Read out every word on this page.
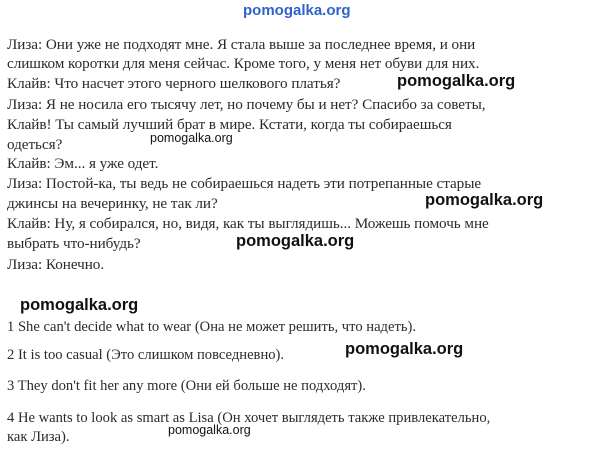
pomogalka.org
Лиза: Они уже не подходят мне. Я стала выше за последнее время, и они
слишком коротки для меня сейчас. Кроме того, у меня нет обуви для них.
Клайв: Что насчет этого черного шелкового платья?
Лиза: Я не носила его тысячу лет, но почему бы и нет? Спасибо за советы,
Клайв! Ты самый лучший брат в мире. Кстати, когда ты собираешься
одеться?
Клайв: Эм... я уже одет.
Лиза: Постой-ка, ты ведь не собираешься надеть эти потрепанные старые
джинсы на вечеринку, не так ли?
Клайв: Ну, я собирался, но, видя, как ты выглядишь... Можешь помочь мне
выбрать что-нибудь?
Лиза: Конечно.
1 She can't decide what to wear (Она не может решить, что надеть).
2 It is too casual (Это слишком повседневно).
3 They don't fit her any more (Они ей больше не подходят).
4 He wants to look as smart as Lisa (Он хочет выглядеть также привлекательно,
как Лиза).
pomogalka.org
pomogalka.org
pomogalka.org
pomogalka.org
pomogalka.org
pomogalka.org
pomogalka.org
